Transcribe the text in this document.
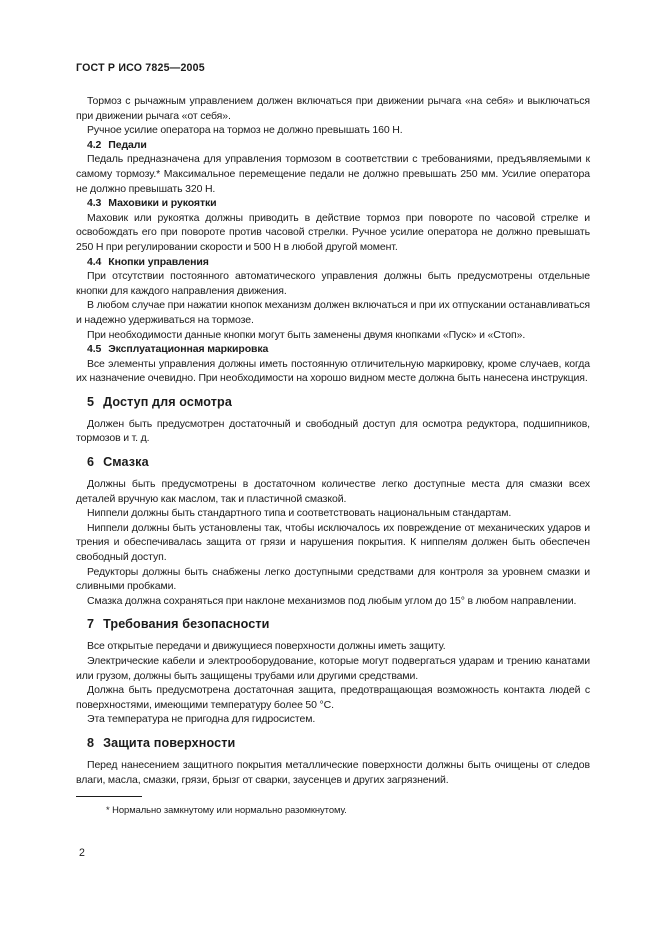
ГОСТ Р ИСО 7825—2005

Тормоз с рычажным управлением должен включаться при движении рычага «на себя» и выключаться при движении рычага «от себя».

Ручное усилие оператора на тормоз не должно превышать 160 Н.

4.2 Педали

Педаль предназначена для управления тормозом в соответствии с требованиями, предъявляемыми к самому тормозу.* Максимальное перемещение педали не должно превышать 250 мм. Усилие оператора не должно превышать 320 Н.

4.3 Маховики и рукоятки

Маховик или рукоятка должны приводить в действие тормоз при повороте по часовой стрелке и освобождать его при повороте против часовой стрелки. Ручное усилие оператора не должно превышать 250 Н при регулировании скорости и 500 Н в любой другой момент.

4.4 Кнопки управления

При отсутствии постоянного автоматического управления должны быть предусмотрены отдельные кнопки для каждого направления движения.

В любом случае при нажатии кнопок механизм должен включаться и при их отпускании останавливаться и надежно удерживаться на тормозе.

При необходимости данные кнопки могут быть заменены двумя кнопками «Пуск» и «Стоп».

4.5 Эксплуатационная маркировка

Все элементы управления должны иметь постоянную отличительную маркировку, кроме случаев, когда их назначение очевидно. При необходимости на хорошо видном месте должна быть нанесена инструкция.

5 Доступ для осмотра

Должен быть предусмотрен достаточный и свободный доступ для осмотра редуктора, подшипников, тормозов и т. д.

6 Смазка

Должны быть предусмотрены в достаточном количестве легко доступные места для смазки всех деталей вручную как маслом, так и пластичной смазкой.

Ниппели должны быть стандартного типа и соответствовать национальным стандартам.

Ниппели должны быть установлены так, чтобы исключалось их повреждение от механических ударов и трения и обеспечивалась защита от грязи и нарушения покрытия. К ниппелям должен быть обеспечен свободный доступ.

Редукторы должны быть снабжены легко доступными средствами для контроля за уровнем смазки и сливными пробками.

Смазка должна сохраняться при наклоне механизмов под любым углом до 15° в любом направлении.

7 Требования безопасности

Все открытые передачи и движущиеся поверхности должны иметь защиту.

Электрические кабели и электрооборудование, которые могут подвергаться ударам и трению канатами или грузом, должны быть защищены трубами или другими средствами.

Должна быть предусмотрена достаточная защита, предотвращающая возможность контакта людей с поверхностями, имеющими температуру более 50 °С.

Эта температура не пригодна для гидросистем.

8 Защита поверхности

Перед нанесением защитного покрытия металлические поверхности должны быть очищены от следов влаги, масла, смазки, грязи, брызг от сварки, заусенцев и других загрязнений.

* Нормально замкнутому или нормально разомкнутому.

2
